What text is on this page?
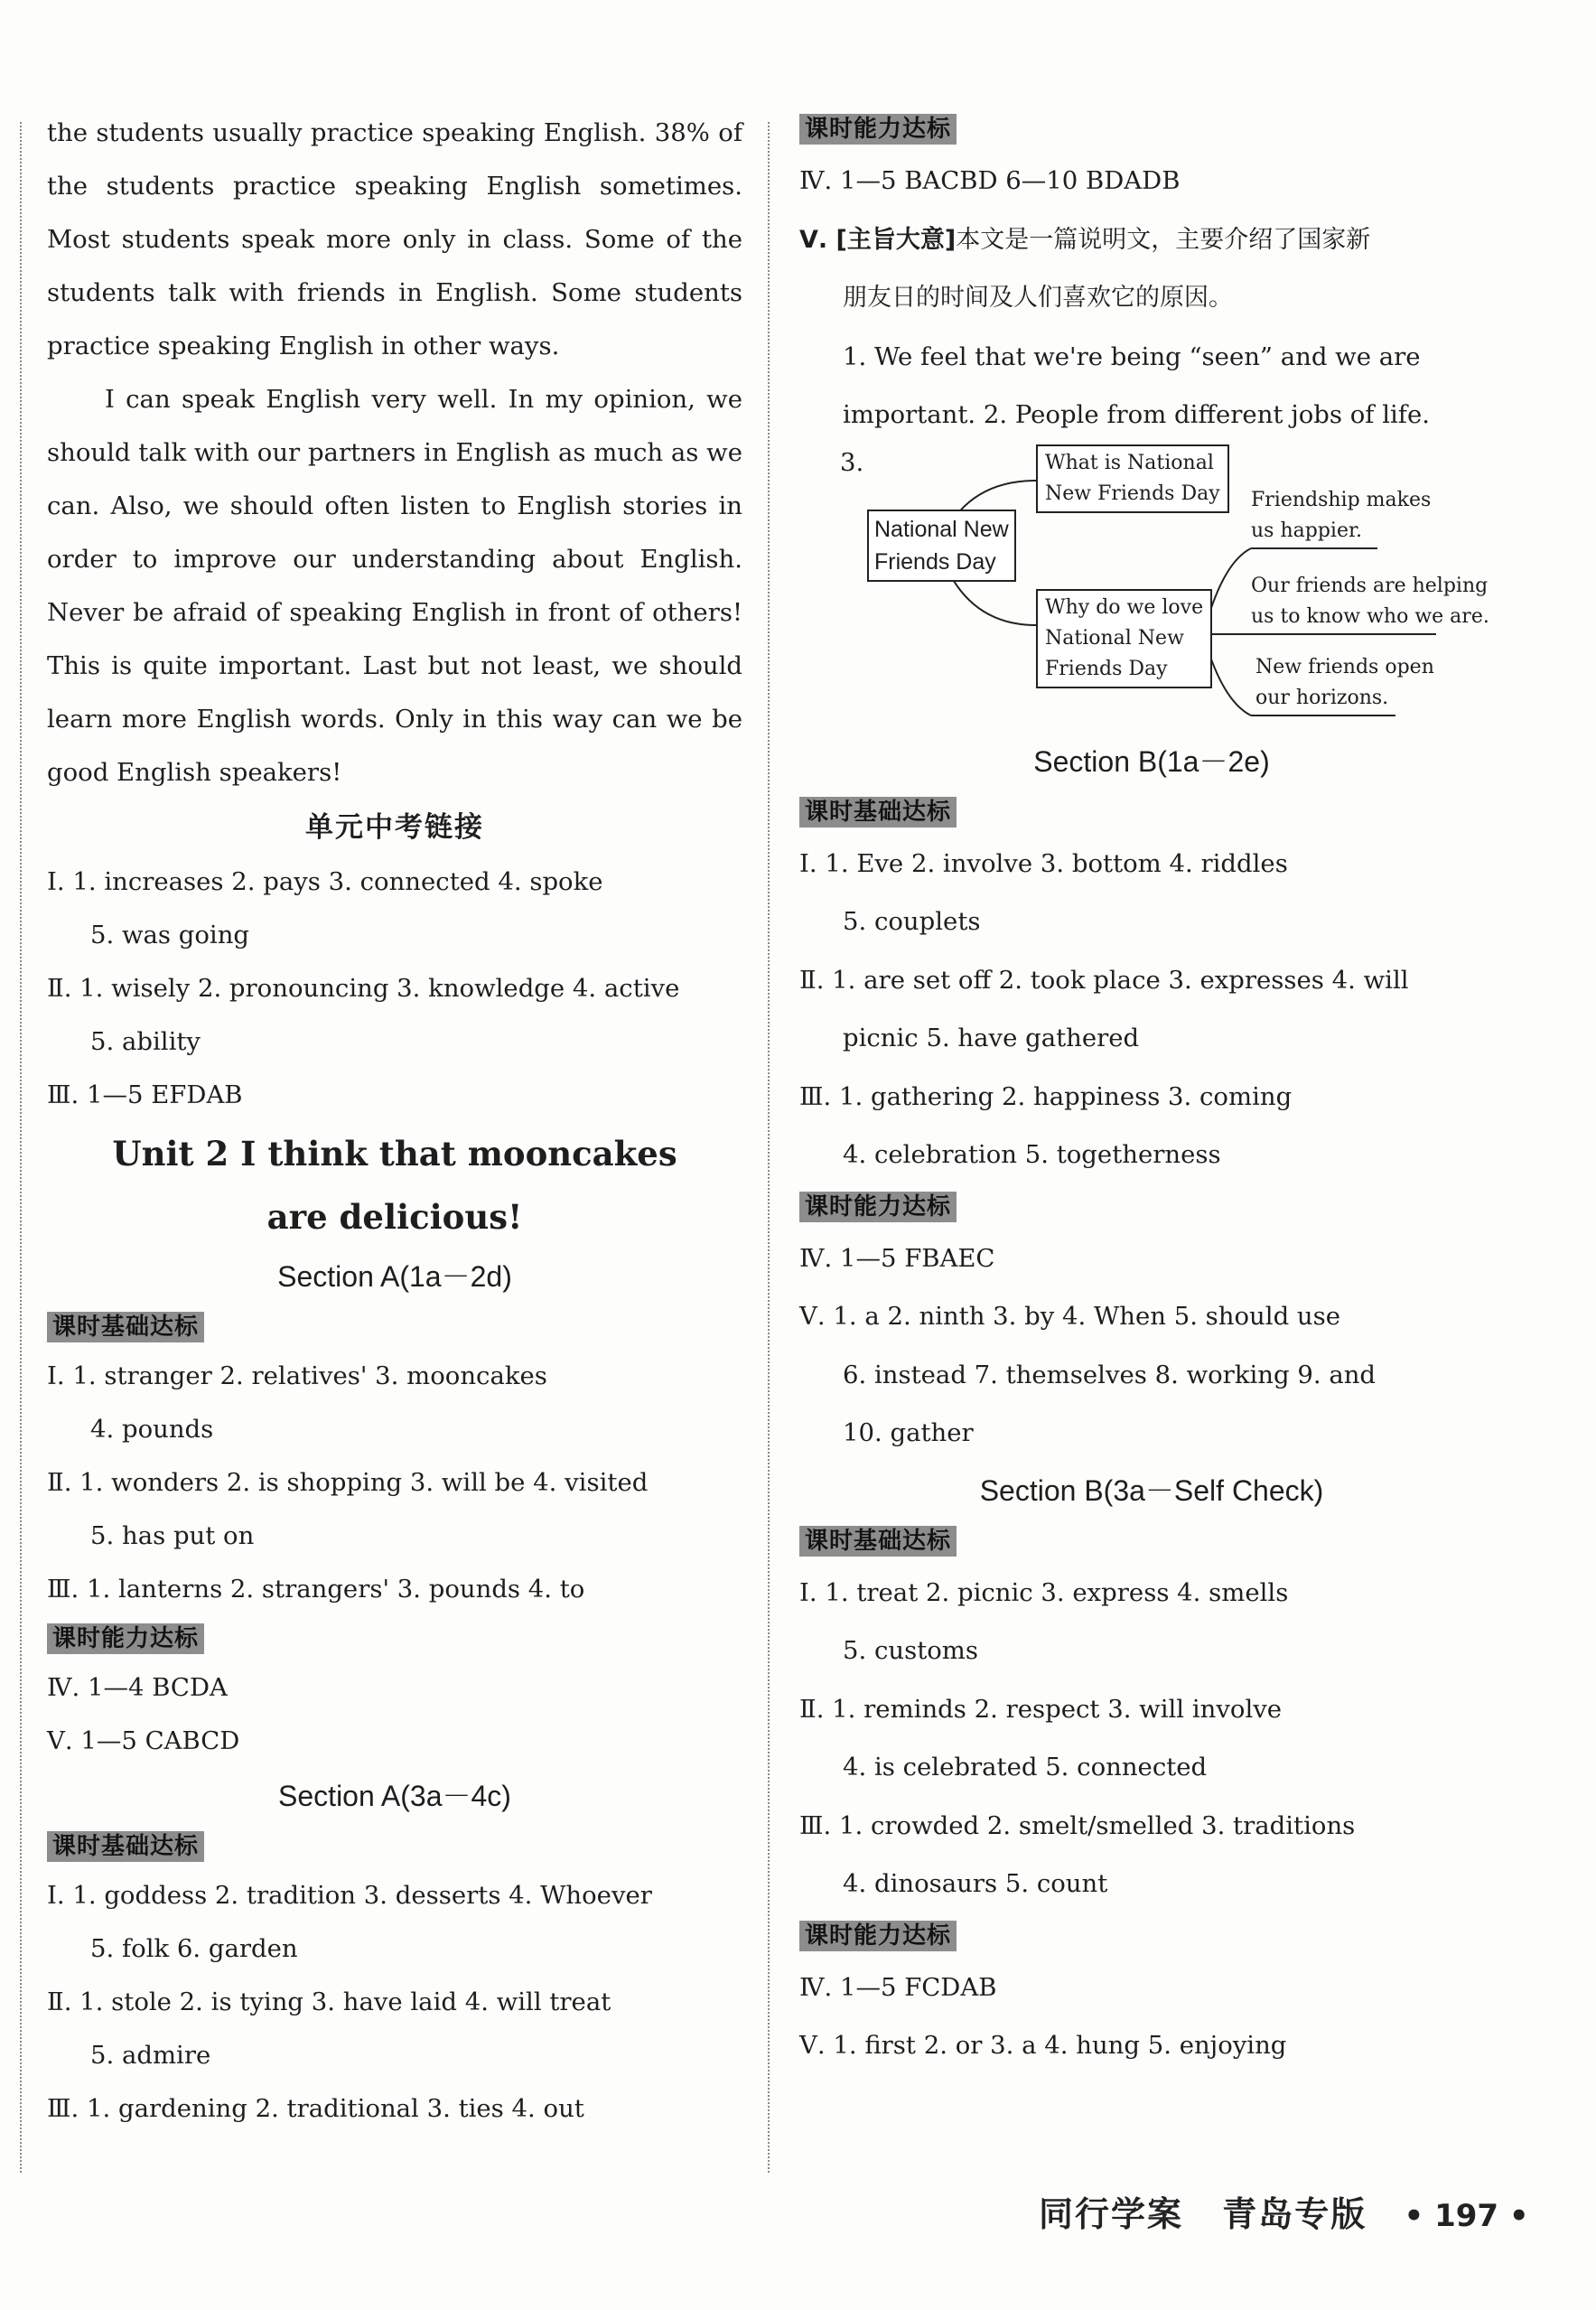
the students usually practice speaking English. 38% of the students practice speaking English sometimes. Most students speak more only in class. Some of the students talk with friends in English. Some students practice speaking English in other ways.

I can speak English very well. In my opinion, we should talk with our partners in English as much as we can. Also, we should often listen to English stories in order to improve our understanding about English. Never be afraid of speaking English in front of others! This is quite important. Last but not least, we should learn more English words. Only in this way can we be good English speakers!

单元中考链接
Ⅰ. 1. increases 2. pays 3. connected 4. spoke
5. was going
Ⅱ. 1. wisely 2. pronouncing 3. knowledge 4. active
5. ability
Ⅲ. 1—5 EFDAB
Unit 2 I think that mooncakes
are delicious!
Section A(1a－2d)
课时基础达标
Ⅰ. 1. stranger 2. relatives' 3. mooncakes
4. pounds
Ⅱ. 1. wonders 2. is shopping 3. will be 4. visited
5. has put on
Ⅲ. 1. lanterns 2. strangers' 3. pounds 4. to
课时能力达标
Ⅳ. 1—4 BCDA
Ⅴ. 1—5 CABCD
Section A(3a－4c)
课时基础达标
Ⅰ. 1. goddess 2. tradition 3. desserts 4. Whoever
5. folk 6. garden
Ⅱ. 1. stole 2. is tying 3. have laid 4. will treat
5. admire
Ⅲ. 1. gardening 2. traditional 3. ties 4. out
课时能力达标
Ⅳ. 1—5 BACBD 6—10 BDADB
Ⅴ. [主旨大意]本文是一篇说明文，主要介绍了国家新
朋友日的时间及人们喜欢它的原因。
1. We feel that we're being “seen” and we are
important. 2. People from different jobs of life.
3.
National New
Friends Day
What is National
New Friends Day
Why do we love
National New
Friends Day
Friendship makes
us happier.
Our friends are helping
us to know who we are.
New friends open
our horizons.
Section B(1a－2e)
课时基础达标
Ⅰ. 1. Eve 2. involve 3. bottom 4. riddles
5. couplets
Ⅱ. 1. are set off 2. took place 3. expresses 4. will
picnic 5. have gathered
Ⅲ. 1. gathering 2. happiness 3. coming
4. celebration 5. togetherness
课时能力达标
Ⅳ. 1—5 FBAEC
Ⅴ. 1. a 2. ninth 3. by 4. When 5. should use
6. instead 7. themselves 8. working 9. and
10. gather
Section B(3a－Self Check)
课时基础达标
Ⅰ. 1. treat 2. picnic 3. express 4. smells
5. customs
Ⅱ. 1. reminds 2. respect 3. will involve
4. is celebrated 5. connected
Ⅲ. 1. crowded 2. smelt/smelled 3. traditions
4. dinosaurs 5. count
课时能力达标
Ⅳ. 1—5 FCDAB
Ⅴ. 1. first 2. or 3. a 4. hung 5. enjoying
同行学案 青岛专版 • 197 •
